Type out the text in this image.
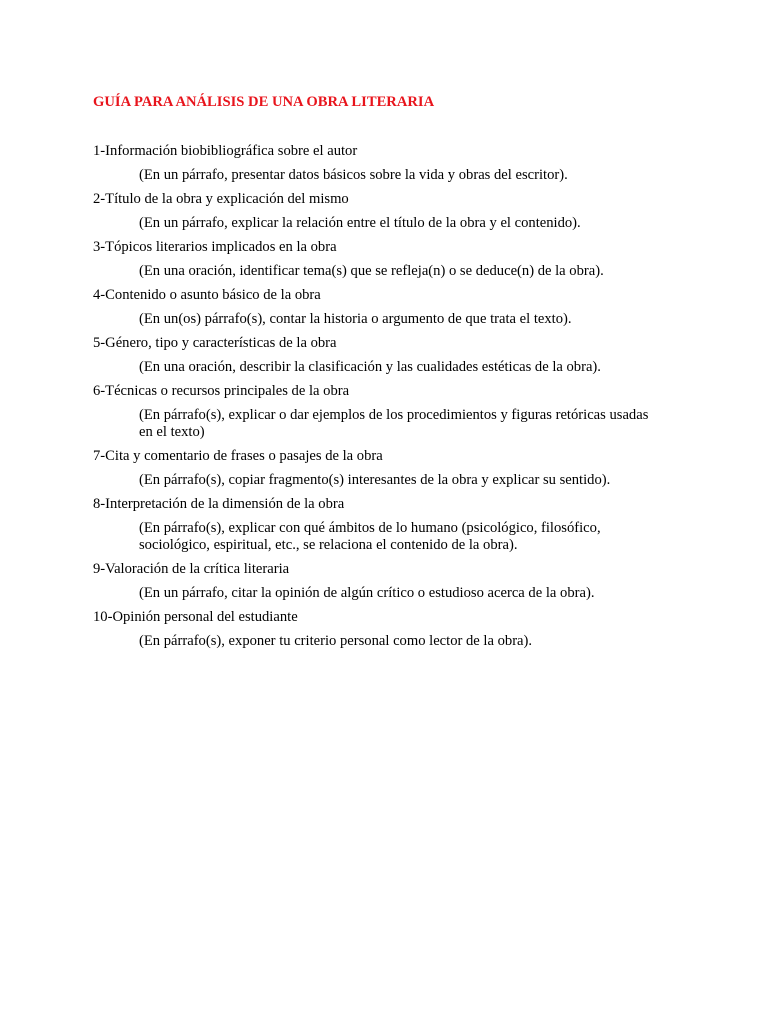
GUÍA PARA ANÁLISIS DE UNA OBRA LITERARIA
1-Información biobibliográfica sobre el autor
(En un párrafo, presentar datos básicos sobre la vida y obras del escritor).
2-Título de la obra y explicación del mismo
(En un párrafo, explicar la relación entre el título de la obra y el contenido).
3-Tópicos literarios implicados en la obra
(En una oración, identificar tema(s) que se refleja(n) o se deduce(n) de la obra).
4-Contenido o asunto básico de la obra
(En un(os) párrafo(s), contar la historia o argumento de que trata el texto).
5-Género, tipo y características de la obra
(En una oración, describir la clasificación y las cualidades estéticas de la obra).
6-Técnicas o recursos principales de la obra
(En párrafo(s), explicar o dar ejemplos de los procedimientos y figuras retóricas usadas en el texto)
7-Cita y comentario de frases o pasajes de la obra
(En párrafo(s), copiar fragmento(s) interesantes de la obra y explicar su sentido).
8-Interpretación de la dimensión de la obra
(En párrafo(s), explicar con qué ámbitos de lo humano (psicológico, filosófico, sociológico, espiritual, etc., se relaciona el contenido de la obra).
9-Valoración de la crítica literaria
(En un párrafo, citar la opinión de algún crítico o estudioso acerca de la obra).
10-Opinión personal del estudiante
(En párrafo(s), exponer tu criterio personal como lector de la obra).
